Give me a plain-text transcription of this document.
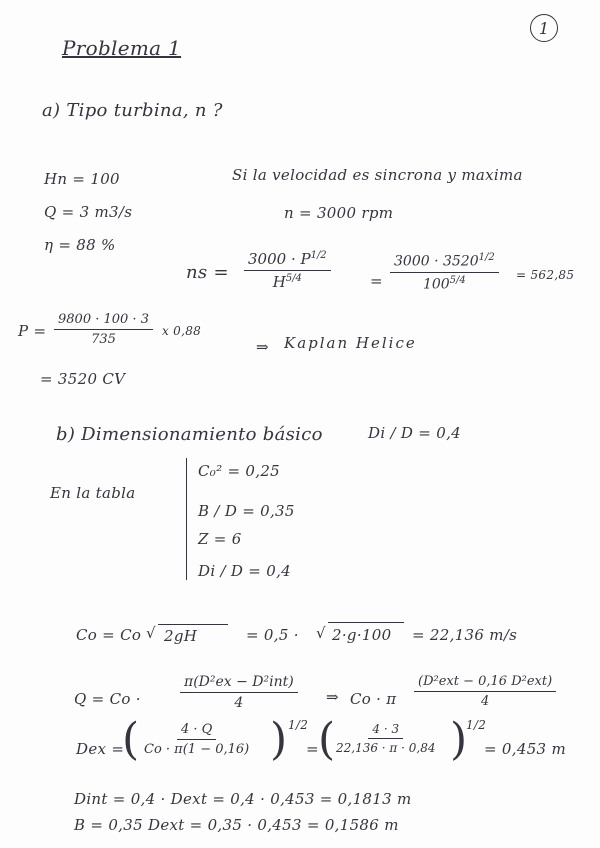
Problema 1
1
a) Tipo turbina, n ?
Hn = 100
Q = 3 m3/s
η = 88 %
Si la velocidad es sincrona y maxima
n = 3000 rpm
ns = $\frac{3000 \cdot P^{1/2}}{H^{5/4}}$	= $\frac{3000 \cdot 3520^{1/2}}{100^{5/4}} = 562,85$
$P = \frac{9800 \cdot 100 \cdot 3}{735}$ x 0,88
= 3520 CV
⇒ Kaplan Helice
b) Dimensionamiento básico	Di / D = 0,4
En la tabla
C₀² = 0,25
B / D = 0,35
Z = 6
Di / D = 0,4
Co = Co √ 2gH	= 0,5 · √ 2·g·100 = 22,136 m/s
Q = Co ·
π(D²ex − D²int)
4	⇒ Co · π
(D²ext − 0,16 D²ext)
4
Dex =
( $\frac{4 \cdot Q}{Co \cdot \pi(1 - 0,16)}$ ) 1/2
= ( $\frac{4 \cdot 3}{22,136 \cdot \pi \cdot 0,84}$ )
1/2
= 0,453 m
Dint = 0,4 · Dext = 0,4 · 0,453 = 0,1813 m
B = 0,35 Dext = 0,35 · 0,453 = 0,1586 m
